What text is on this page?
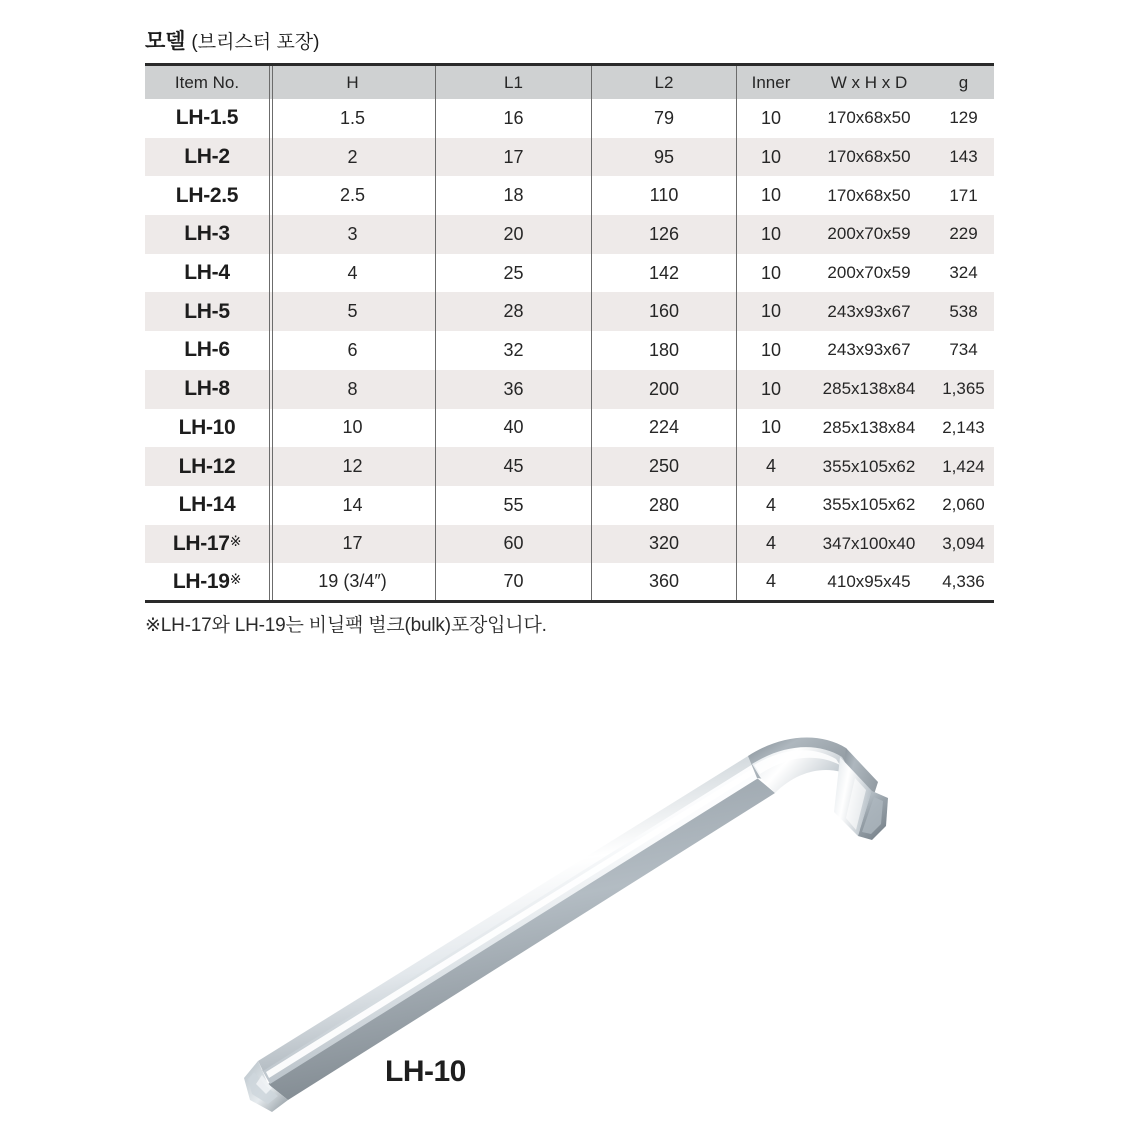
모델 (브리스터 포장)
Item No.	H	L1	L2	Inner	W x H x D	g
LH-1.5	1.5	16	79	10	170x68x50	129
LH-2	2	17	95	10	170x68x50	143
LH-2.5	2.5	18	110	10	170x68x50	171
LH-3	3	20	126	10	200x70x59	229
LH-4	4	25	142	10	200x70x59	324
LH-5	5	28	160	10	243x93x67	538
LH-6	6	32	180	10	243x93x67	734
LH-8	8	36	200	10	285x138x84	1,365
LH-10	10	40	224	10	285x138x84	2,143
LH-12	12	45	250	4	355x105x62	1,424
LH-14	14	55	280	4	355x105x62	2,060
LH-17※	17	60	320	4	347x100x40	3,094
LH-19※	19 (3/4″)	70	360	4	410x95x45	4,336
※LH-17와 LH-19는 비닐팩 벌크(bulk)포장입니다.
LH-10
